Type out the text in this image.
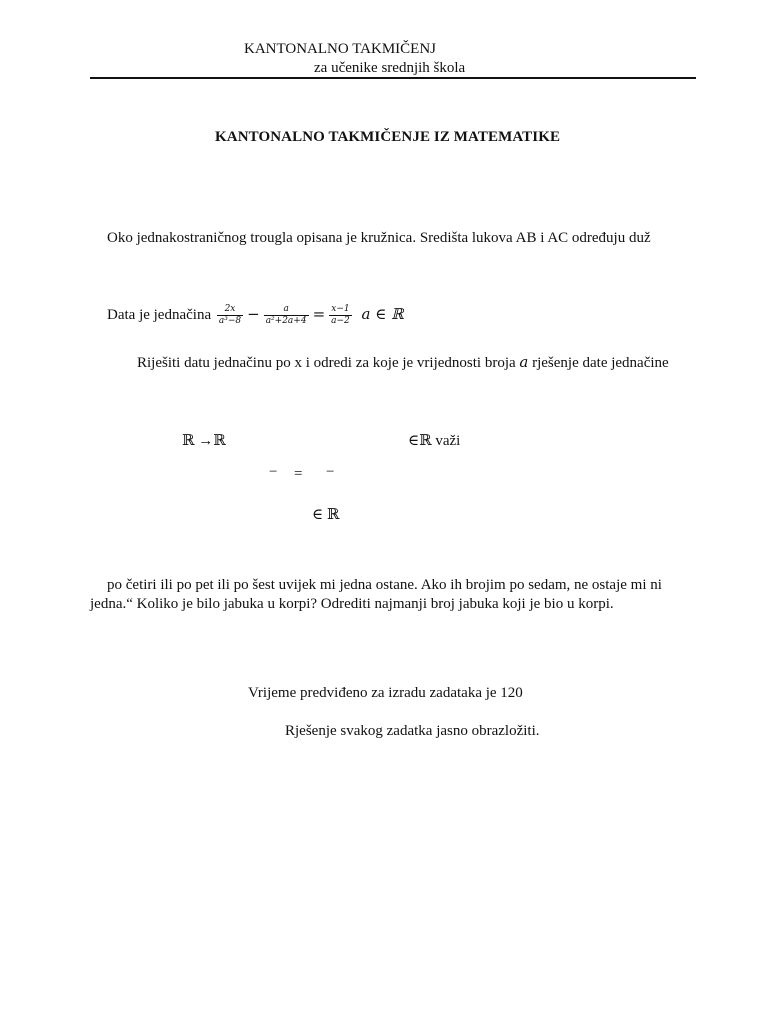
KANTONALNO TAKMIČENJ
za učenike srednjih škola
KANTONALNO TAKMIČENJE IZ MATEMATIKE
Oko jednakostraničnog trougla opisana je kružnica. Središta lukova AB i AC određuju duž
Data je jednačina $\frac{2x}{\text{a³−8}} - \frac{a}{\text{a²+2a+4}} = \frac{x-1}{a-2}$ a ∈ ℝ
Riješiti datu jednačinu po x i odredi za koje je vrijednosti broja a rješenje date jednačine
ℝ →ℝ	∈ℝ važi
− = −
∈ ℝ
po četiri ili po pet ili po šest uvijek mi jedna ostane. Ako ih brojim po sedam, ne ostaje mi ni
jedna.“ Koliko je bilo jabuka u korpi? Odrediti najmanji broj jabuka koji je bio u korpi.
Vrijeme predviđeno za izradu zadataka je 120
Rješenje svakog zadatka jasno obrazložiti.
